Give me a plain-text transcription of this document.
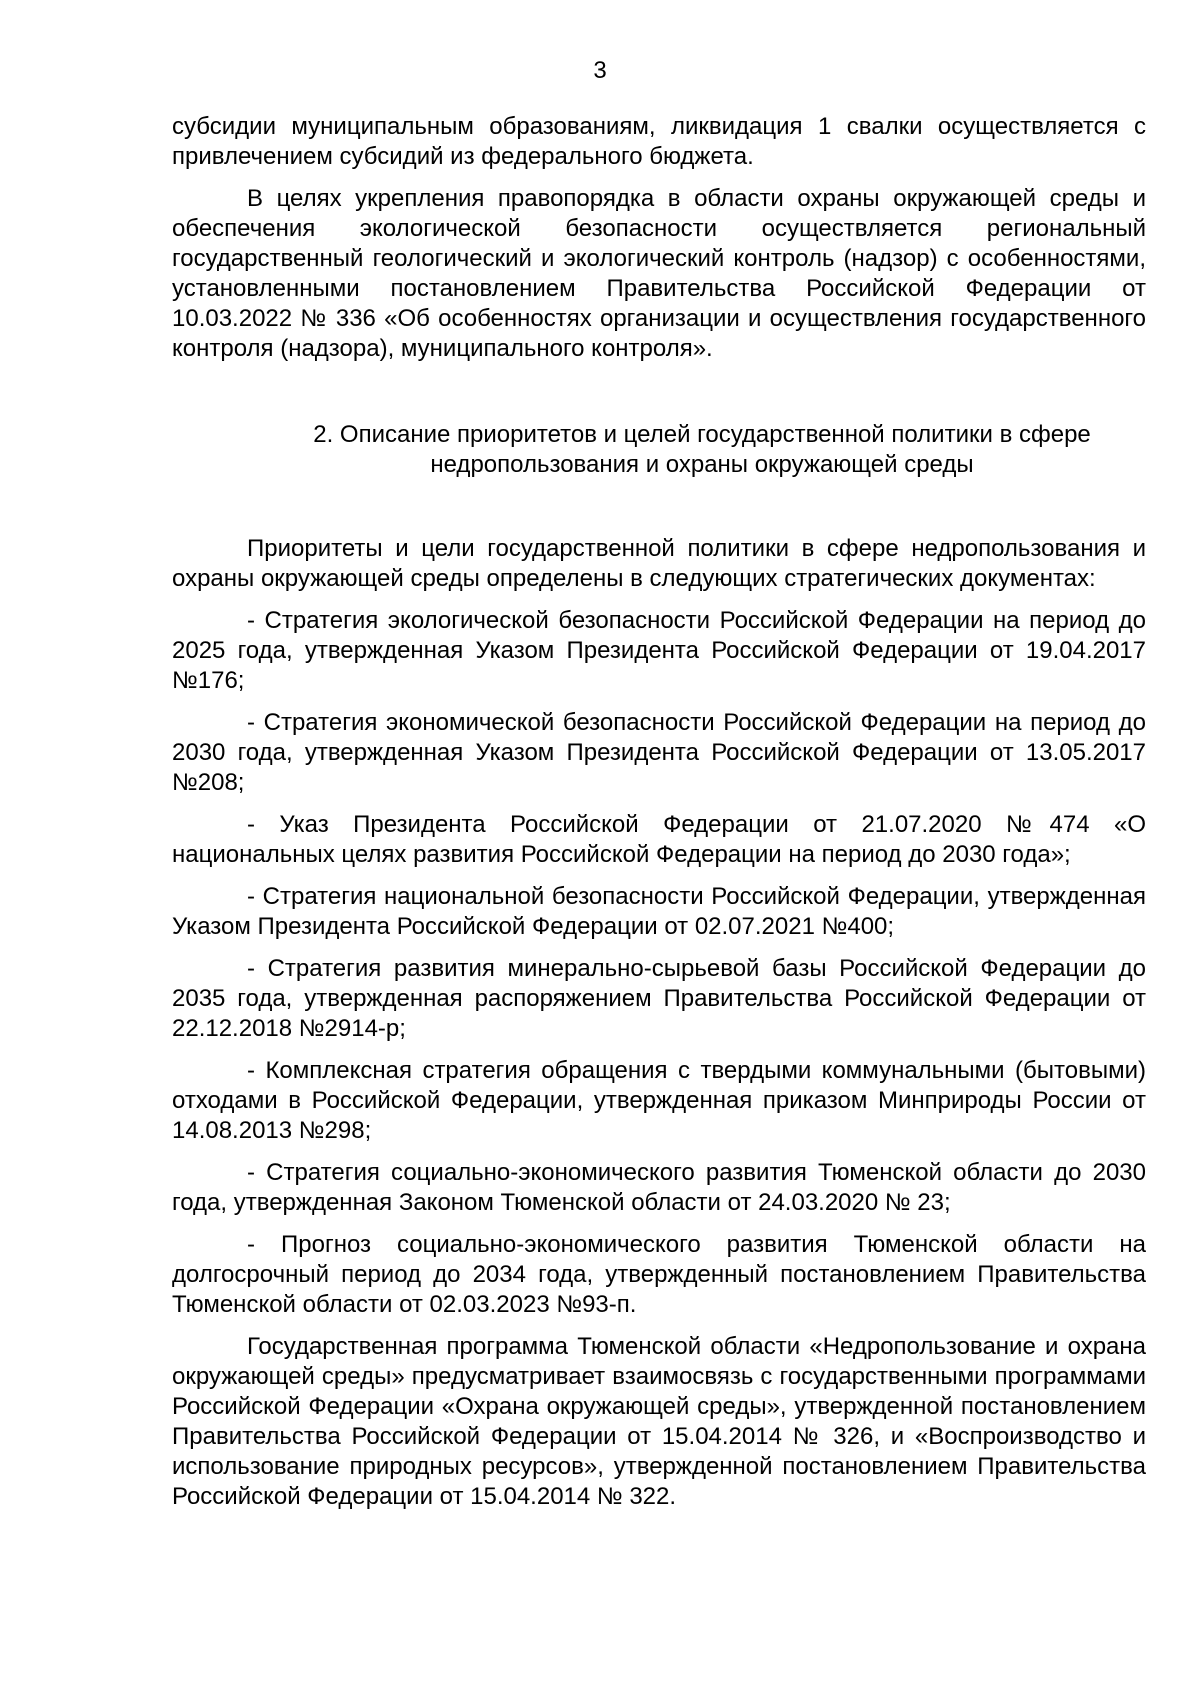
3

субсидии муниципальным образованиям, ликвидация 1 свалки осуществляется с привлечением субсидий из федерального бюджета.

В целях укрепления правопорядка в области охраны окружающей среды и обеспечения экологической безопасности осуществляется региональный государственный геологический и экологический контроль (надзор) с особенностями, установленными постановлением Правительства Российской Федерации от 10.03.2022 № 336 «Об особенностях организации и осуществления государственного контроля (надзора), муниципального контроля».

2. Описание приоритетов и целей государственной политики в сфере
недропользования и охраны окружающей среды

Приоритеты и цели государственной политики в сфере недропользования и охраны окружающей среды определены в следующих стратегических документах:

- Стратегия экологической безопасности Российской Федерации на период до 2025 года, утвержденная Указом Президента Российской Федерации от 19.04.2017 №176;

- Стратегия экономической безопасности Российской Федерации на период до 2030 года, утвержденная Указом Президента Российской Федерации от 13.05.2017 №208;

- Указ Президента Российской Федерации от 21.07.2020 №474 «О национальных целях развития Российской Федерации на период до 2030 года»;

- Стратегия национальной безопасности Российской Федерации, утвержденная Указом Президента Российской Федерации от 02.07.2021 №400;

- Стратегия развития минерально-сырьевой базы Российской Федерации до 2035 года, утвержденная распоряжением Правительства Российской Федерации от 22.12.2018 №2914-р;

- Комплексная стратегия обращения с твердыми коммунальными (бытовыми) отходами в Российской Федерации, утвержденная приказом Минприроды России от 14.08.2013 №298;

- Стратегия социально-экономического развития Тюменской области до 2030 года, утвержденная Законом Тюменской области от 24.03.2020 № 23;

- Прогноз социально-экономического развития Тюменской области на долгосрочный период до 2034 года, утвержденный постановлением Правительства Тюменской области от 02.03.2023 №93-п.

Государственная программа Тюменской области «Недропользование и охрана окружающей среды» предусматривает взаимосвязь с государственными программами Российской Федерации «Охрана окружающей среды», утвержденной постановлением Правительства Российской Федерации от 15.04.2014 № 326, и «Воспроизводство и использование природных ресурсов», утвержденной постановлением Правительства Российской Федерации от 15.04.2014 № 322.
